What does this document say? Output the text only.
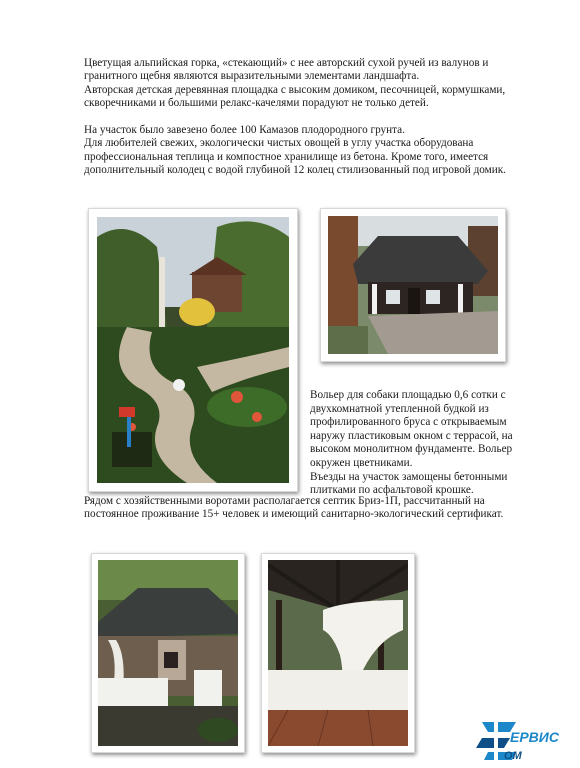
Цветущая альпийская горка, «стекающий» с нее авторский сухой ручей из валунов и
гранитного щебня являются выразительными элементами ландшафта.
Авторская детская деревянная площадка с высоким домиком, песочницей, кормушками,
скворечниками и большими релакс-качелями порадуют не только детей.
На участок было завезено более 100 Камазов плодородного грунта.
Для любителей свежих, экологически чистых овощей в углу участка оборудована
профессиональная теплица и компостное хранилище из бетона. Кроме того, имеется
дополнительный колодец с водой глубиной 12 колец стилизованный под игровой домик.
Вольер для собаки площадью 0,6 сотки с
двухкомнатной утепленной будкой из
профилированного бруса с открываемым
наружу пластиковым окном с террасой, на
высоком монолитном фундаменте. Вольер
окружен цветниками.
Въезды на участок замощены бетонными
плитками по асфальтовой крошке.
Рядом с хозяйственными воротами располагается септик Бриз-1П, рассчитанный на
постоянное проживание 15+ человек и имеющий санитарно-экологический сертификат.
ЕРВИС
ОМ
